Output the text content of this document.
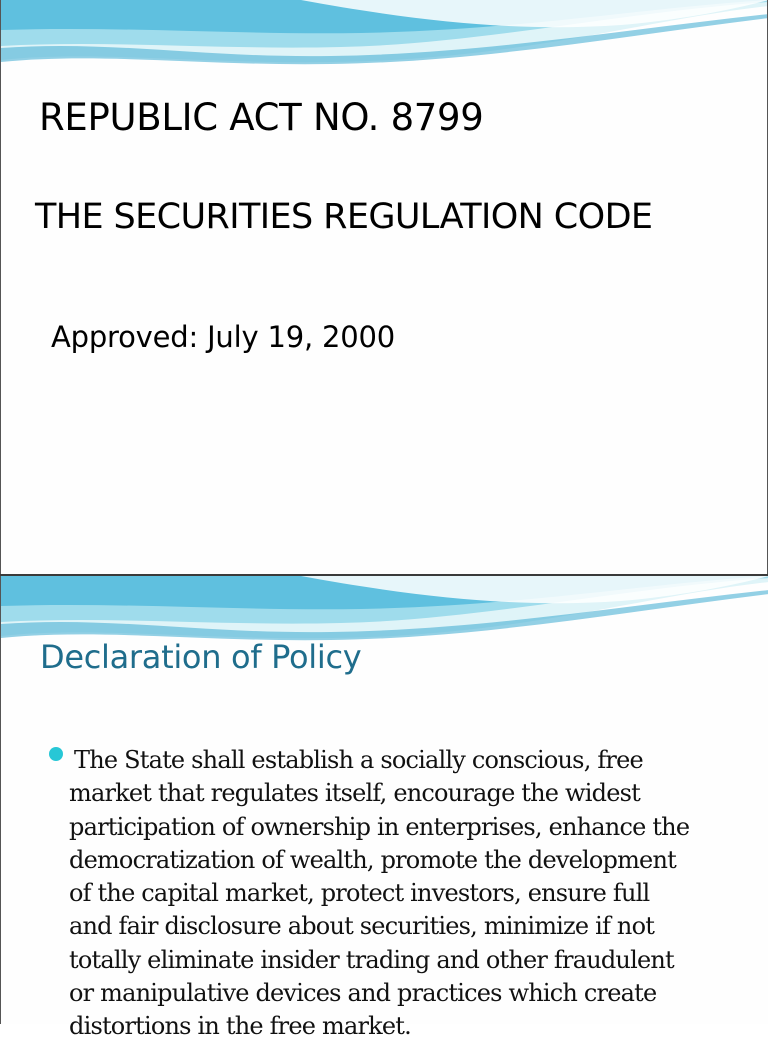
REPUBLIC ACT NO. 8799
THE SECURITIES REGULATION CODE

Approved: July 19, 2000

Declaration of Policy

The State shall establish a socially conscious, free
market that regulates itself, encourage the widest
participation of ownership in enterprises, enhance the
democratization of wealth, promote the development
of the capital market, protect investors, ensure full
and fair disclosure about securities, minimize if not
totally eliminate insider trading and other fraudulent
or manipulative devices and practices which create
distortions in the free market.
